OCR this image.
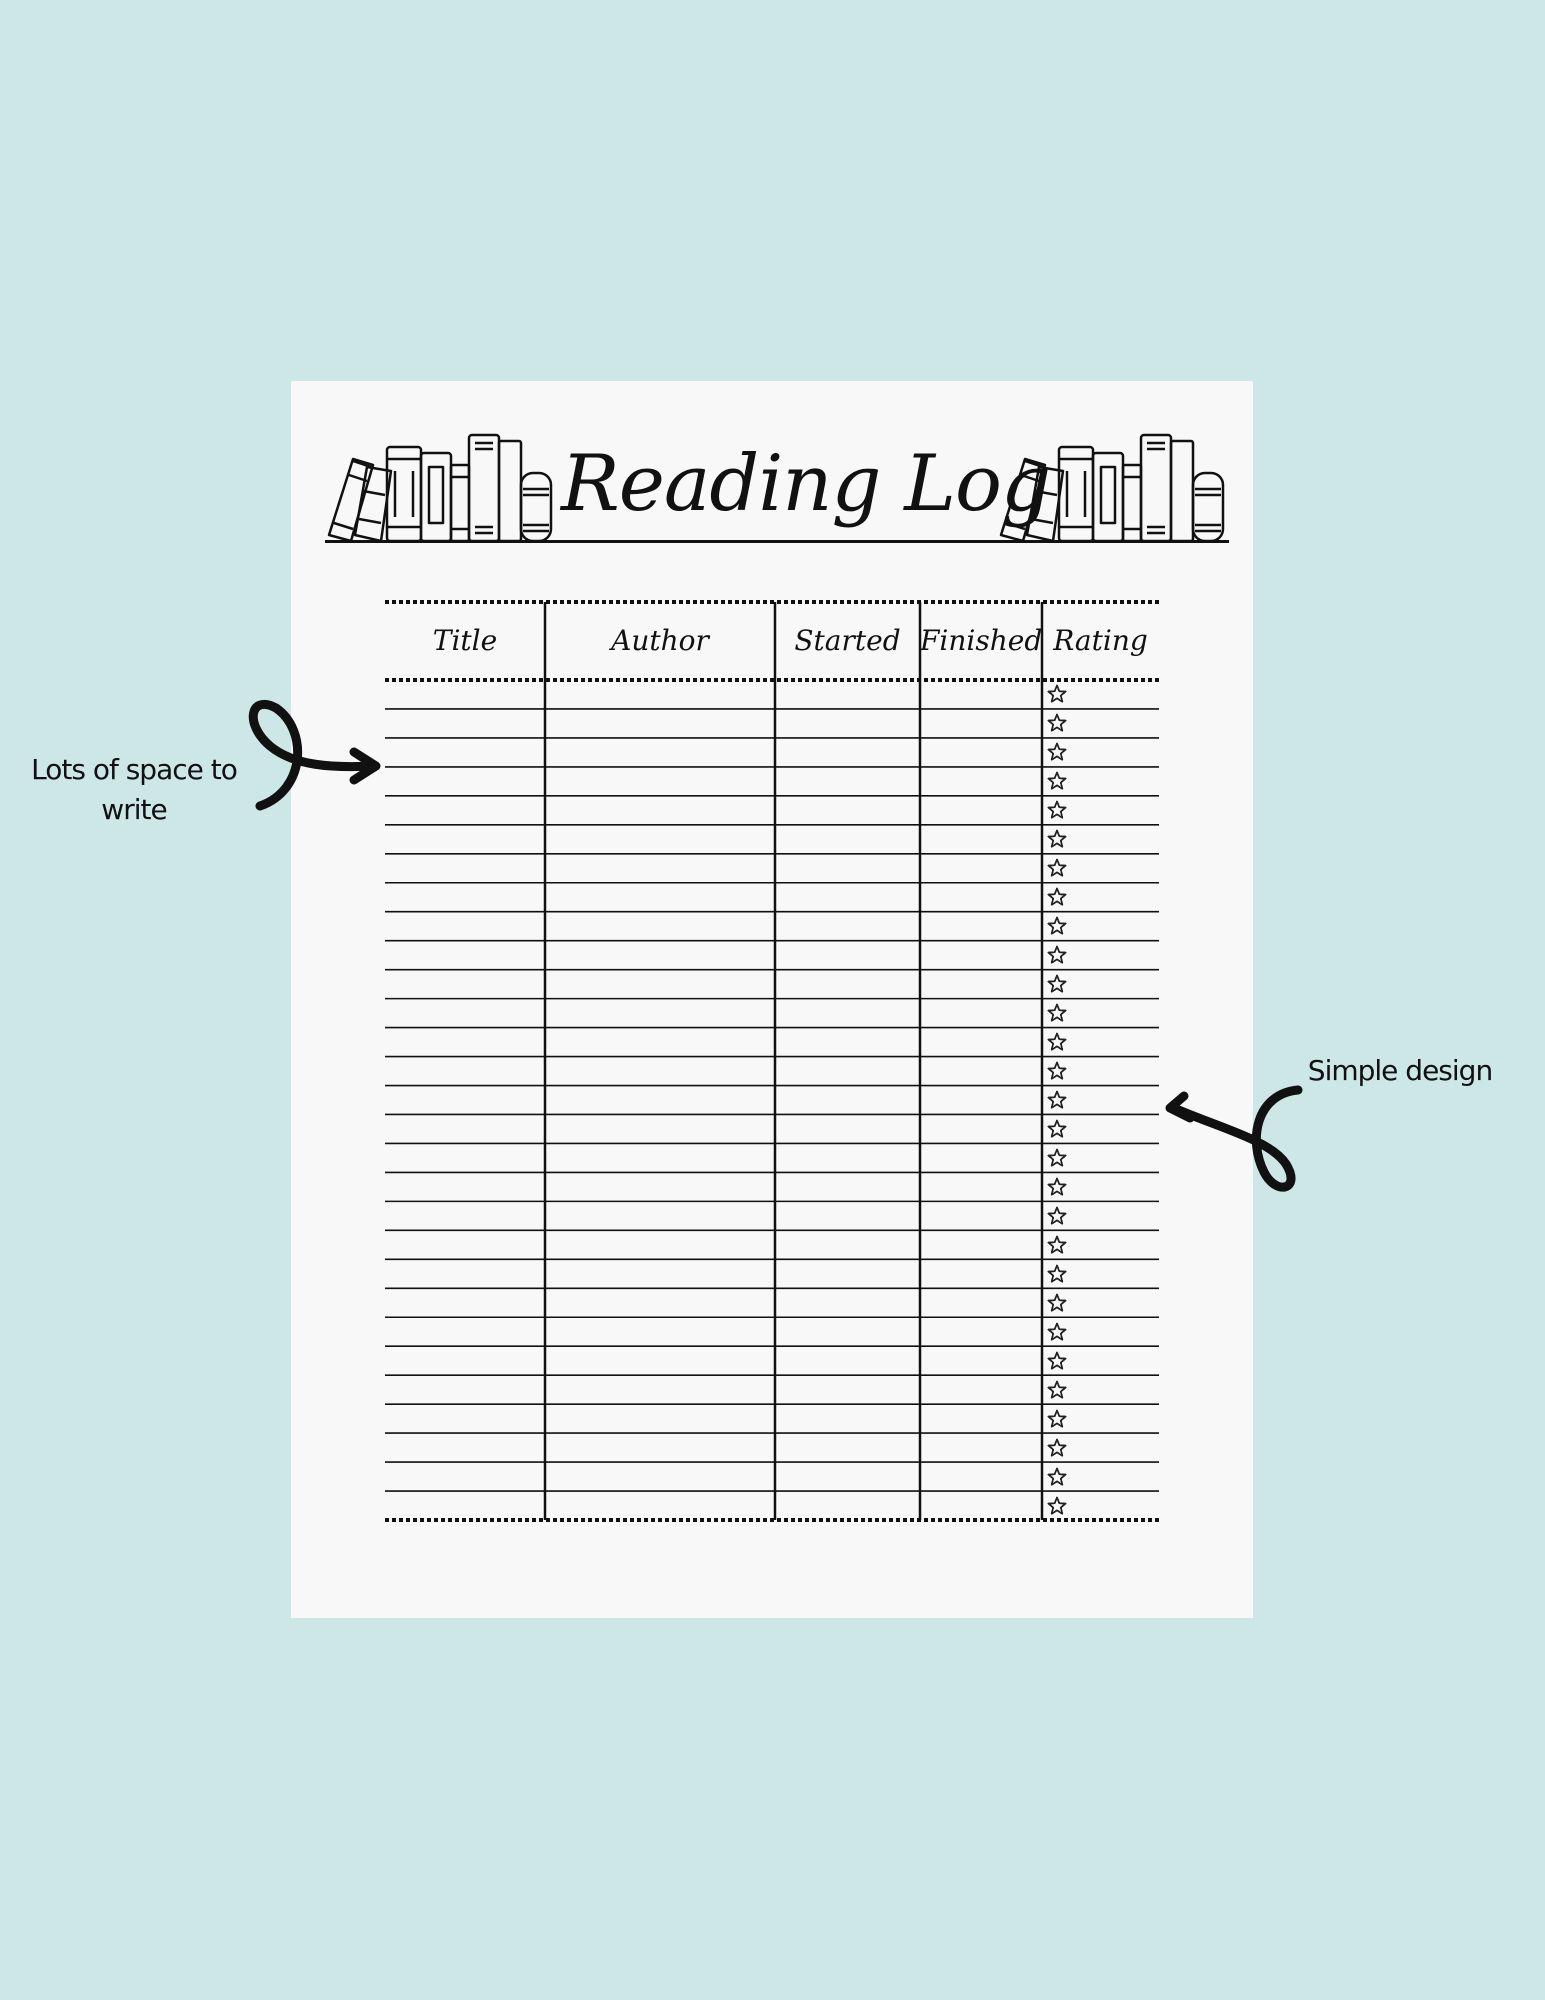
Reading Log
Title	Author	Started Finished Rating
Lots of space to write
Simple design
